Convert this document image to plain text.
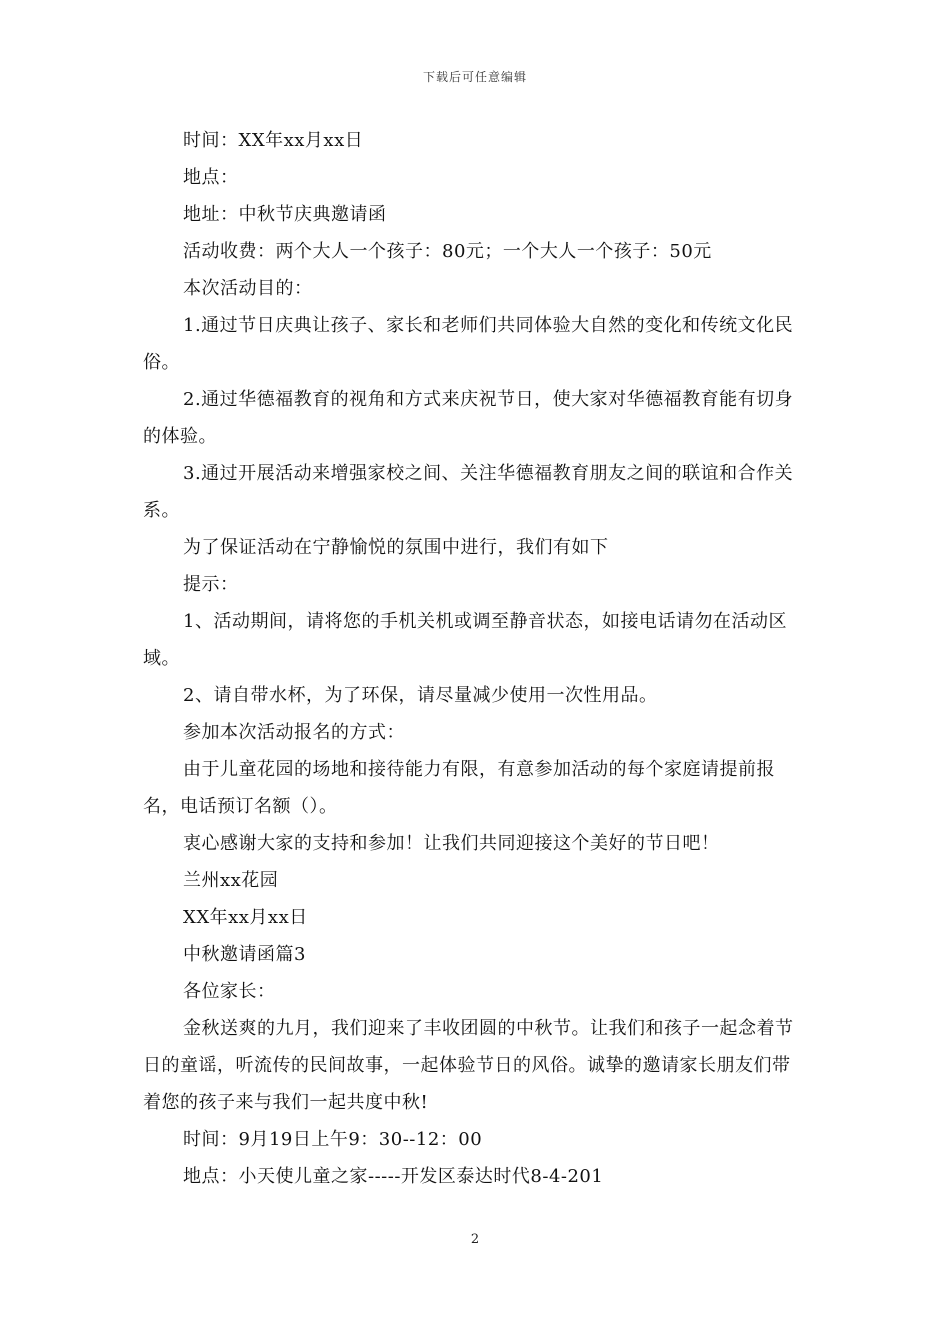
下载后可任意编辑

时间：XX年xx月xx日

地点：

地址：中秋节庆典邀请函

活动收费：两个大人一个孩子：80元；一个大人一个孩子：50元

本次活动目的：

1.通过节日庆典让孩子、家长和老师们共同体验大自然的变化和传统文化民俗。

2.通过华德福教育的视角和方式来庆祝节日，使大家对华德福教育能有切身的体验。

3.通过开展活动来增强家校之间、关注华德福教育朋友之间的联谊和合作关系。

为了保证活动在宁静愉悦的氛围中进行，我们有如下

提示：

1、活动期间，请将您的手机关机或调至静音状态，如接电话请勿在活动区域。

2、请自带水杯，为了环保，请尽量减少使用一次性用品。

参加本次活动报名的方式：

由于儿童花园的场地和接待能力有限，有意参加活动的每个家庭请提前报名，电话预订名额（）。

衷心感谢大家的支持和参加！让我们共同迎接这个美好的节日吧！

兰州xx花园

XX年xx月xx日

中秋邀请函篇3

各位家长：

金秋送爽的九月，我们迎来了丰收团圆的中秋节。让我们和孩子一起念着节日的童谣，听流传的民间故事，一起体验节日的风俗。诚挚的邀请家长朋友们带着您的孩子来与我们一起共度中秋!

时间：9月19日上午9：30--12：00

地点：小天使儿童之家-----开发区泰达时代8-4-201

2
